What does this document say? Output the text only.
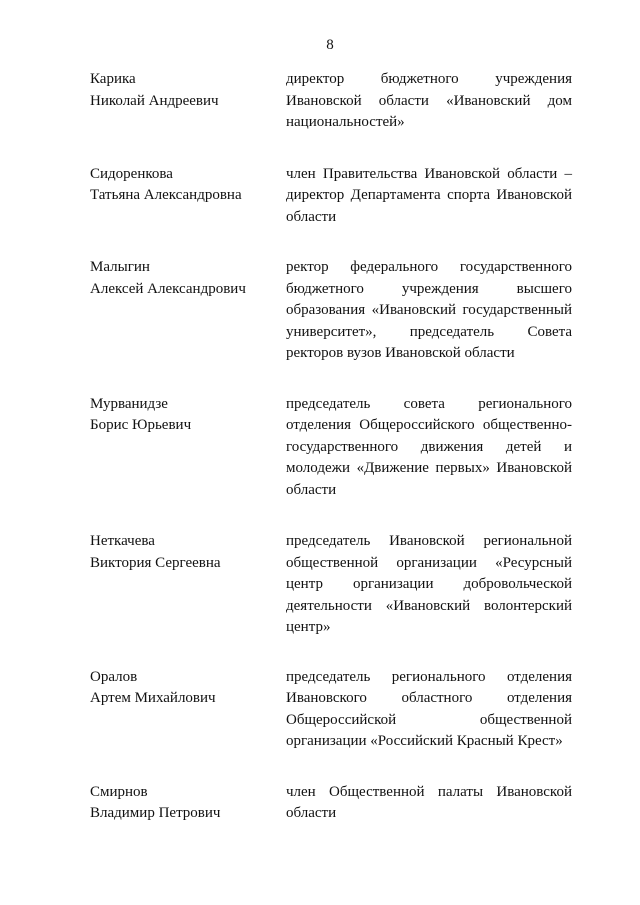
8
Карика
Николай Андреевич
директор бюджетного учреждения
Ивановской области «Ивановский дом
национальностей»
Сидоренкова
Татьяна Александровна
член Правительства Ивановской области –
директор Департамента спорта Ивановской
области
Малыгин
Алексей Александрович
ректор федерального государственного
бюджетного учреждения высшего
образования «Ивановский государственный
университет», председатель Совета
ректоров вузов Ивановской области
Мурванидзе
Борис Юрьевич
председатель совета регионального
отделения Общероссийского общественно-
государственного движения детей и
молодежи «Движение первых» Ивановской
области
Неткачева
Виктория Сергеевна
председатель Ивановской региональной
общественной организации «Ресурсный
центр организации добровольческой
деятельности «Ивановский волонтерский
центр»
Оралов
Артем Михайлович
председатель регионального отделения
Ивановского областного отделения
Общероссийской общественной
организации «Российский Красный Крест»
Смирнов
Владимир Петрович
член Общественной палаты Ивановской
области
